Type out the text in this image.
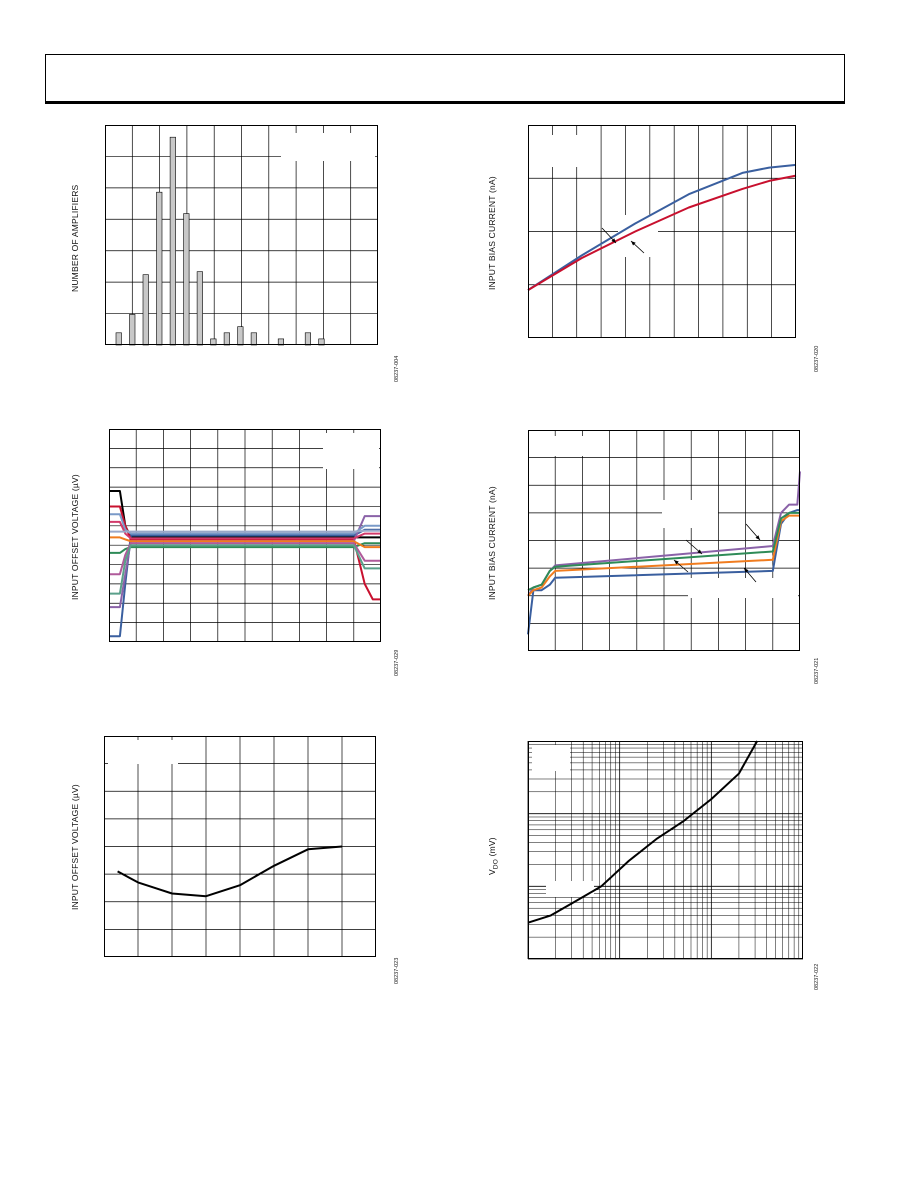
NUMBER OF AMPLIFIERS
08237-004
INPUT BIAS CURRENT (nA)
08237-020
INPUT OFFSET VOLTAGE (µV)
08237-029
INPUT BIAS CURRENT (nA)
08237-021
INPUT OFFSET VOLTAGE (µV)
08237-023
$V_{DO}$ (mV)
08237-022
